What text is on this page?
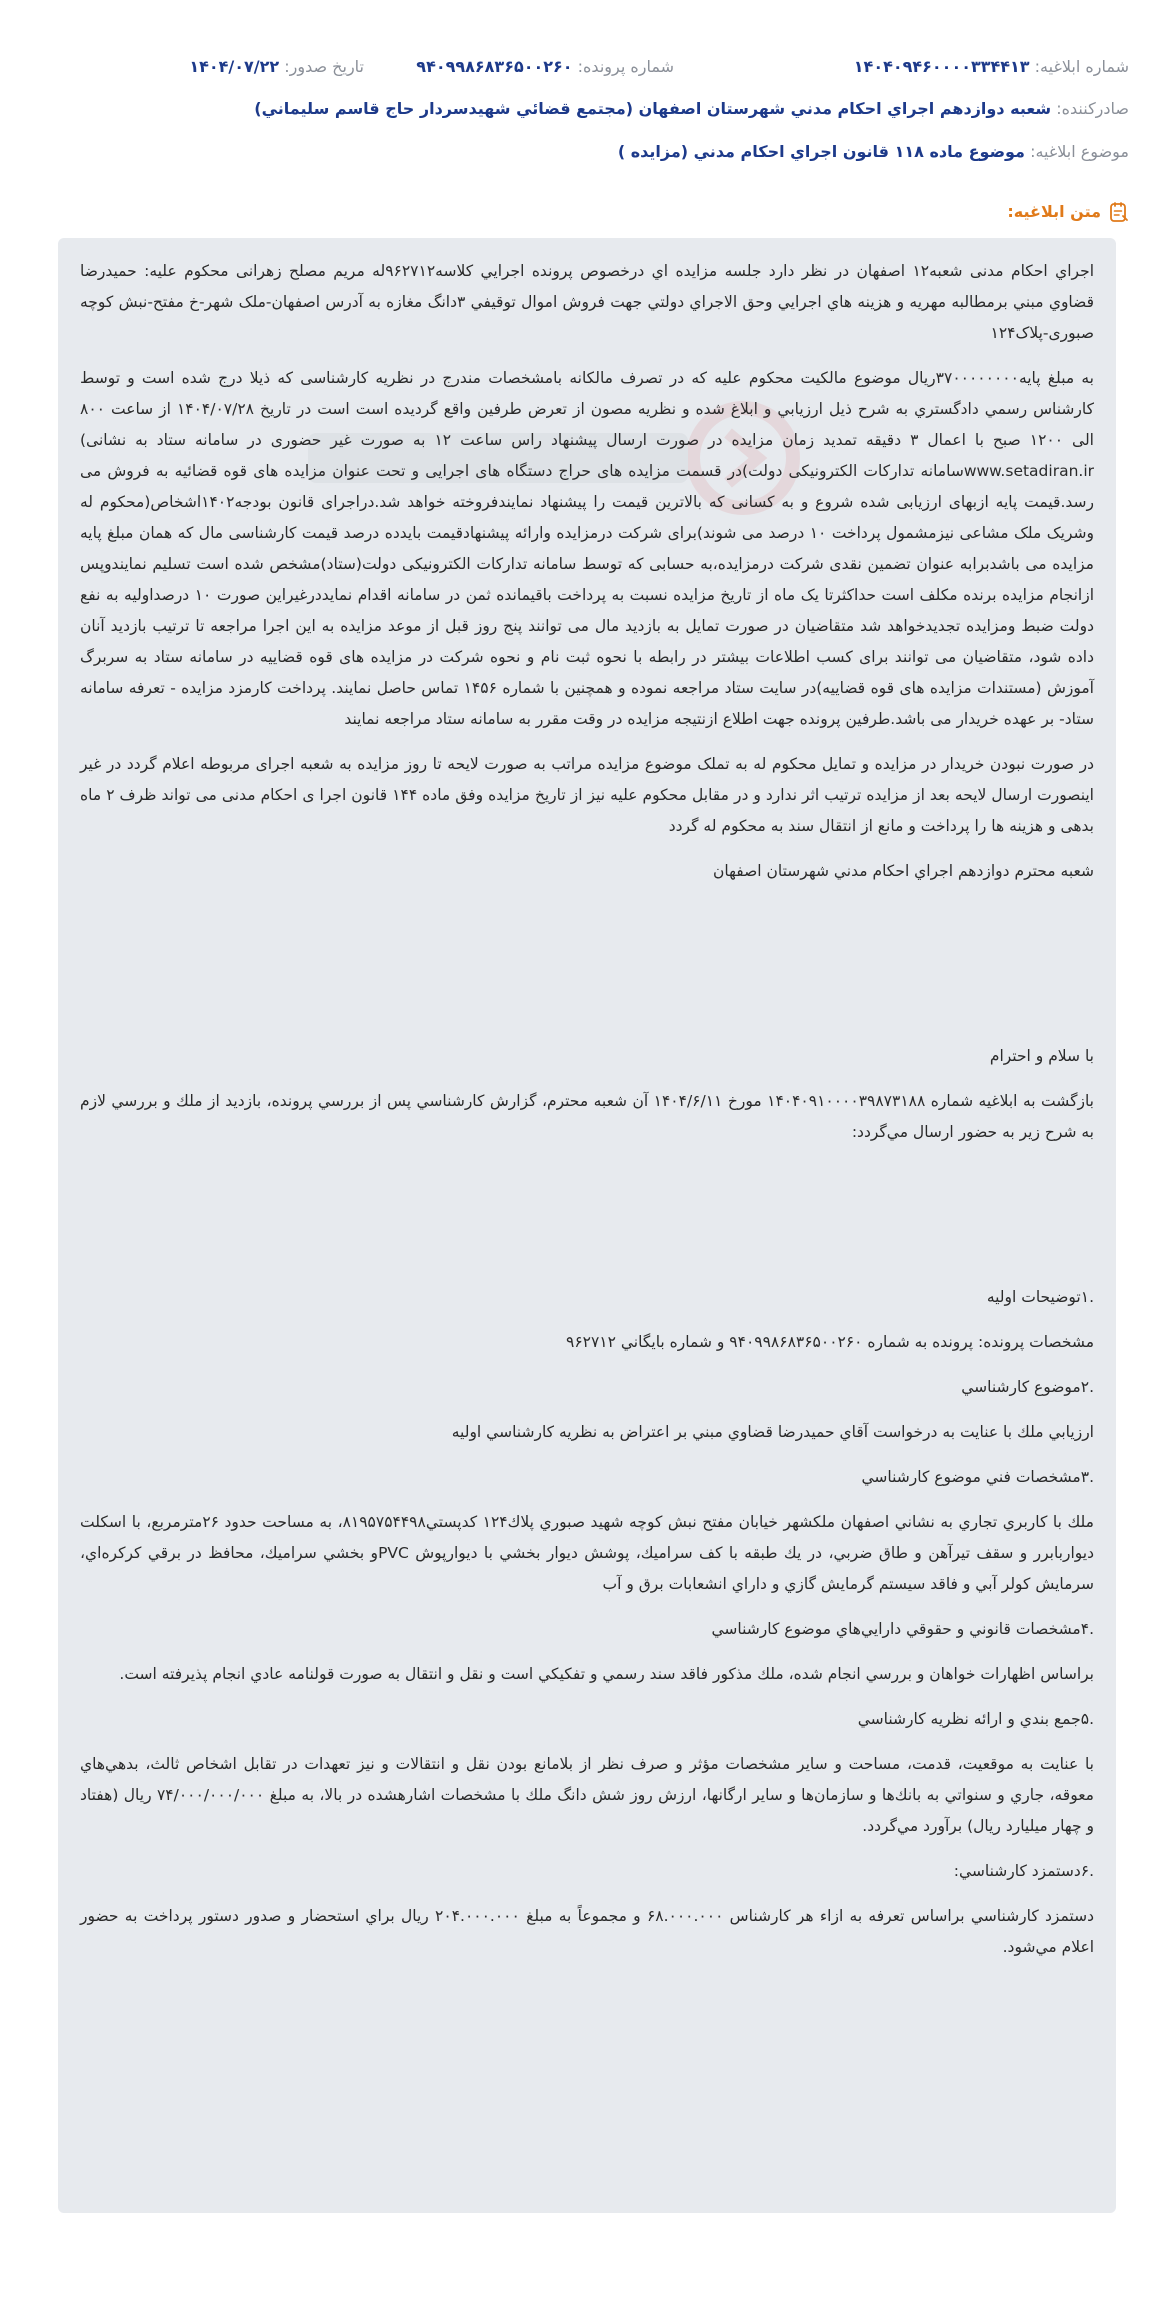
شماره ابلاغیه: ۱۴۰۴۰۹۴۶۰۰۰۰۳۳۴۴۱۳
شماره پرونده: ۹۴۰۹۹۸۶۸۳۶۵۰۰۲۶۰
تاریخ صدور: ۱۴۰۴/۰۷/۲۲
صادرکننده: شعبه دوازدهم اجراي احكام مدني شهرستان اصفهان (مجتمع قضائي شهيدسردار حاج قاسم سليماني)
موضوع ابلاغیه: موضوع ماده ۱۱۸ قانون اجراي احكام مدني (مزايده )
متن ابلاغیه:

اجراي احكام مدنی شعبه۱۲ اصفهان در نظر دارد جلسه مزايده اي درخصوص پرونده اجرايي كلاسه۹۶۲۷۱۲له مریم مصلح زهرانی محكوم عليه: حمیدرضا قضاوي مبني برمطالبه مهریه و هزينه هاي اجرايي وحق الاجراي دولتي جهت فروش اموال توقيفي ۳دانگ مغازه به آدرس اصفهان-ملک شهر-خ مفتح-نبش کوچه صبوری-پلاک۱۲۴

به مبلغ پايه۳۷۰۰۰۰۰۰۰۰ريال موضوع مالكيت محكوم عليه كه در تصرف مالكانه بامشخصات مندرج در نظريه كارشناسی كه ذيلا درج شده است و توسط كارشناس رسمي دادگستري به شرح ذيل ارزيابي و ابلاغ شده و نظريه مصون از تعرض طرفين واقع گرديده است است در تاريخ ۱۴۰۴/۰۷/۲۸ از ساعت ۸۰۰ الی ۱۲۰۰ صبح با اعمال ۳ دقیقه تمدید زمان مزایده در صورت ارسال پیشنهاد راس ساعت ۱۲ به صورت غیر حضوری در سامانه ستاد به نشانی) www.setadiran.irسامانه تدارکات الکترونیکی دولت)در قسمت مزایده های حراج دستگاه های اجرایی و تحت عنوان مزایده های قوه قضائیه به فروش می رسد.قیمت پایه ازبهای ارزیابی شده شروع و به کسانی که بالاترین قیمت را پیشنهاد نمایندفروخته خواهد شد.دراجرای قانون بودجه۱۴۰۲اشخاص(محکوم له وشریک ملک مشاعی نیزمشمول پرداخت ۱۰ درصد می شوند)برای شرکت درمزایده وارائه پیشنهادقیمت بایدده درصد قیمت کارشناسی مال که همان مبلغ پایه مزایده می باشدبرابه عنوان تضمین نقدی شرکت درمزایده،به حسابی که توسط سامانه تدارکات الکترونیکی دولت(ستاد)مشخص شده است تسلیم نمایندوپس ازانجام مزایده برنده مکلف است حداکثرتا یک ماه از تاریخ مزایده نسبت به پرداخت باقیمانده ثمن در سامانه اقدام نمایددرغیراین صورت ۱۰ درصداولیه به نفع دولت ضبط ومزایده تجدیدخواهد شد متقاضیان در صورت تمایل به بازدید مال می توانند پنج روز قبل از موعد مزایده به این اجرا مراجعه تا ترتیب بازدید آنان داده شود، متقاضیان می توانند برای کسب اطلاعات بیشتر در رابطه با نحوه ثبت نام و نحوه شرکت در مزایده های قوه قضاییه در سامانه ستاد به سربرگ آموزش (مستندات مزایده های قوه قضاییه)در سایت ستاد مراجعه نموده و همچنین با شماره ۱۴۵۶ تماس حاصل نمایند. پرداخت کارمزد مزایده - تعرفه سامانه ستاد- بر عهده خریدار می باشد.طرفین پرونده جهت اطلاع ازنتیجه مزایده در وقت مقرر به سامانه ستاد مراجعه نمایند

در صورت نبودن خریدار در مزایده و تمایل محکوم له به تملک موضوع مزایده مراتب به صورت لایحه تا روز مزایده به شعبه اجرای مربوطه اعلام گردد در غیر اینصورت ارسال لایحه بعد از مزایده ترتیب اثر ندارد و در مقابل محکوم علیه نیز از تاریخ مزایده وفق ماده ۱۴۴ قانون اجرا ی احکام مدنی می تواند ظرف ۲ ماه بدهی و هزینه ها را پرداخت و مانع از انتقال سند به محکوم له گردد

شعبه محترم دوازدهم اجراي احكام مدني شهرستان اصفهان

با سلام و احترام

بازگشت به ابلاغيه شماره ۱۴۰۴۰۹۱۰۰۰۰۳۹۸۷۳۱۸۸ مورخ ۱۴۰۴/۶/۱۱ آن شعبه محترم، گزارش كارشناسي پس از بررسي پرونده، بازديد از ملك و بررسي لازم به شرح زير به حضور ارسال مي‌گردد:

.۱توضيحات اوليه

مشخصات پرونده: پرونده به شماره ۹۴۰۹۹۸۶۸۳۶۵۰۰۲۶۰ و شماره بايگاني ۹۶۲۷۱۲

.۲موضوع كارشناسي

ارزيابي ملك با عنايت به درخواست آقاي حميدرضا قضاوي مبني بر اعتراض به نظريه كارشناسي اوليه

.۳مشخصات فني موضوع كارشناسي

ملك با كاربري تجاري به نشاني اصفهان ملكشهر خيابان مفتح نبش كوچه شهيد صبوري پلاك۱۲۴ كدپستي۸۱۹۵۷۵۴۴۹۸، به مساحت حدود ۲۶مترمربع، با اسكلت ديواربابرر و سقف تيرآهن و طاق ضربي، در يك طبقه با كف سراميك، پوشش ديوار بخشي با ديوارپوش PVCو بخشي سراميك، محافظ در برقي كركره‌اي، سرمايش كولر آبي و فاقد سيستم گرمايش گازي و داراي انشعابات برق و آب

.۴مشخصات قانوني و حقوقي دارايي‌هاي موضوع كارشناسي

براساس اظهارات خواهان و بررسي انجام شده، ملك مذكور فاقد سند رسمي و تفكيكي است و نقل و انتقال به صورت قولنامه عادي انجام پذيرفته است.

.۵جمع بندي و ارائه نظريه كارشناسي

با عنايت به موقعيت، قدمت، مساحت و ساير مشخصات مؤثر و صرف نظر از بلامانع بودن نقل و انتقالات و نيز تعهدات در تقابل اشخاص ثالث، بدهي‌هاي معوقه، جاري و سنواتي به بانك‌ها و سازمان‌ها و ساير ارگانها، ارزش روز شش دانگ ملك با مشخصات اشارهشده در بالا، به مبلغ ۷۴/۰۰۰/۰۰۰/۰۰۰ ريال (هفتاد و چهار ميليارد ريال) برآورد مي‌گردد.

.۶دستمزد كارشناسي:

دستمزد كارشناسي براساس تعرفه به ازاء هر كارشناس ۶۸.۰۰۰.۰۰۰ و مجموعاً به مبلغ ۲۰۴.۰۰۰.۰۰۰ ريال براي استحضار و صدور دستور پرداخت به حضور اعلام مي‌شود.
